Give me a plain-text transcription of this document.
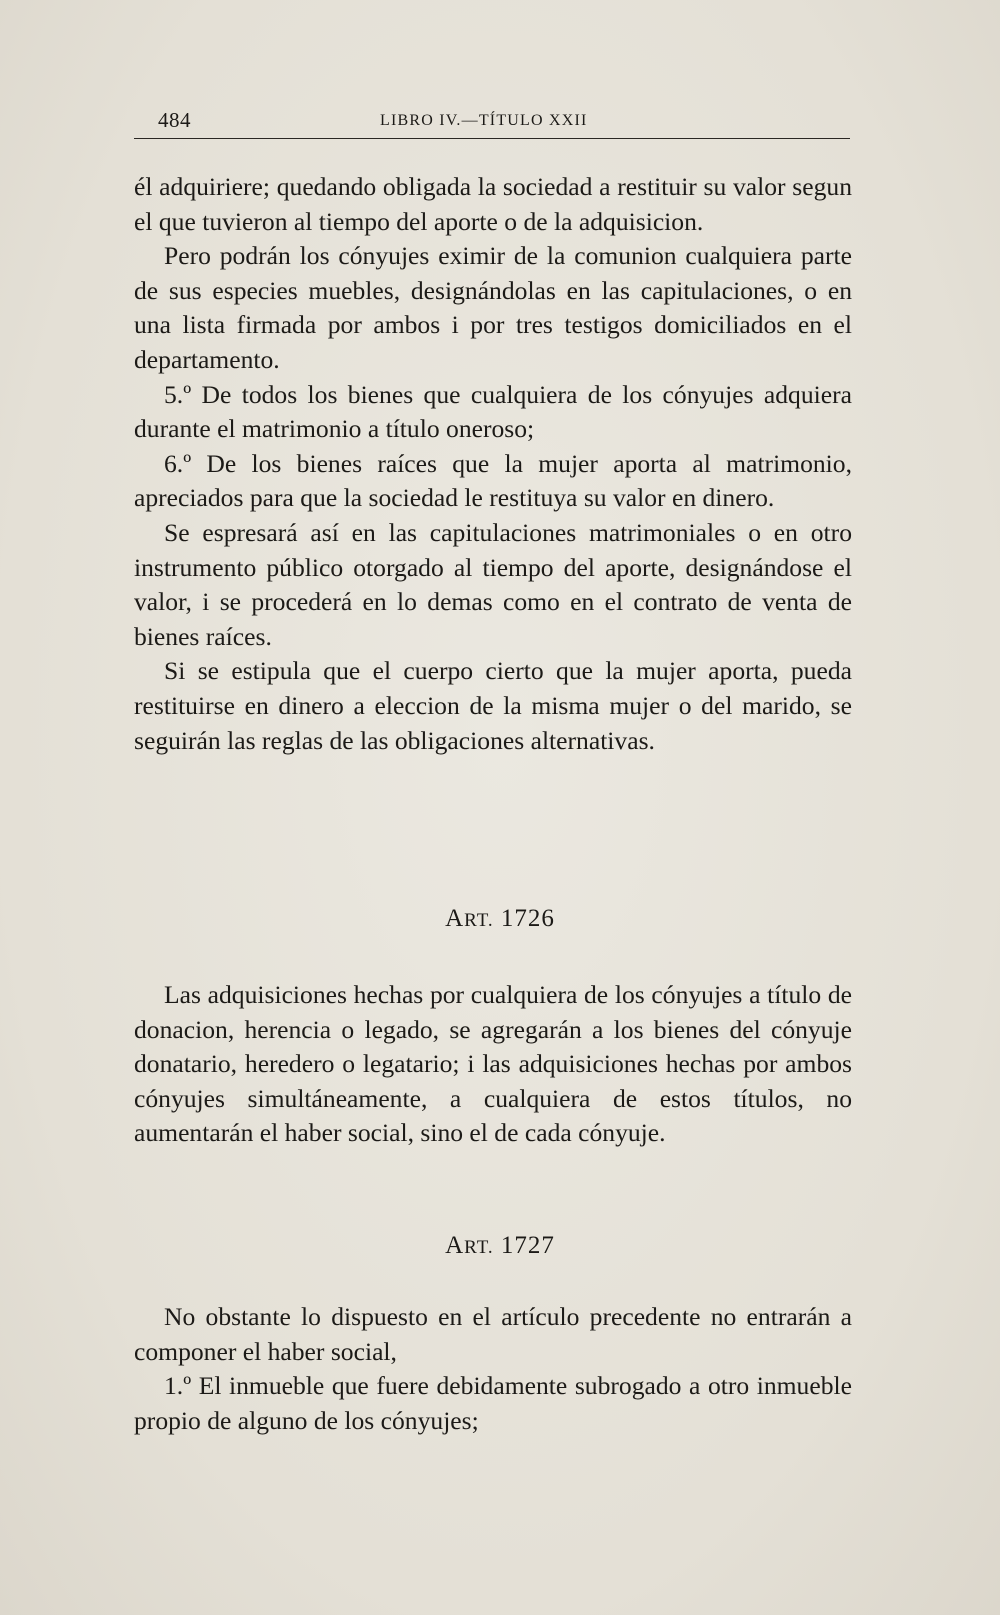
484	LIBRO IV.—TÍTULO XXII

él adquiriere; quedando obligada la sociedad a restituir su valor segun el que tuvieron al tiempo del aporte o de la adquisicion.

Pero podrán los cónyujes eximir de la comunion cualquiera parte de sus especies muebles, designándolas en las capitulaciones, o en una lista firmada por ambos i por tres testigos domiciliados en el departamento.

5.º De todos los bienes que cualquiera de los cónyujes adquiera durante el matrimonio a título oneroso;

6.º De los bienes raíces que la mujer aporta al matrimonio, apreciados para que la sociedad le restituya su valor en dinero.

Se espresará así en las capitulaciones matrimoniales o en otro instrumento público otorgado al tiempo del aporte, designándose el valor, i se procederá en lo demas como en el contrato de venta de bienes raíces.

Si se estipula que el cuerpo cierto que la mujer aporta, pueda restituirse en dinero a eleccion de la misma mujer o del marido, se seguirán las reglas de las obligaciones alternativas.

ART. 1726

Las adquisiciones hechas por cualquiera de los cónyujes a título de donacion, herencia o legado, se agregarán a los bienes del cónyuje donatario, heredero o legatario; i las adquisiciones hechas por ambos cónyujes simultáneamente, a cualquiera de estos títulos, no aumentarán el haber social, sino el de cada cónyuje.

ART. 1727

No obstante lo dispuesto en el artículo precedente no entrarán a componer el haber social,

1.º El inmueble que fuere debidamente subrogado a otro inmueble propio de alguno de los cónyujes;
